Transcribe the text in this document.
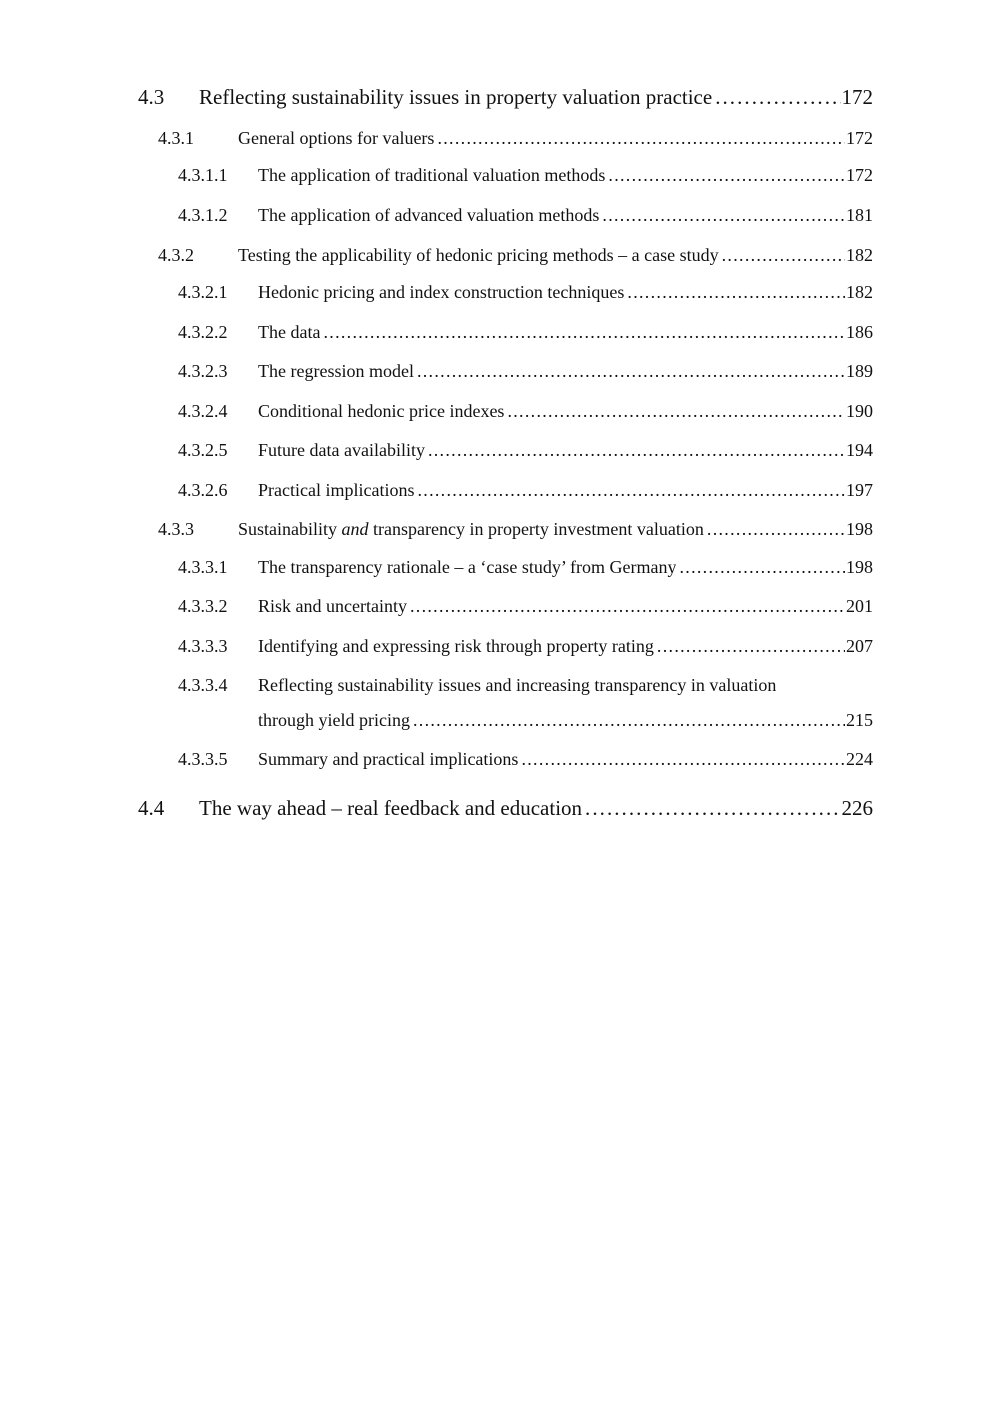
4.3 Reflecting sustainability issues in property valuation practice . . .	172
4.3.1 General options for valuers . . .	172
4.3.1.1 The application of traditional valuation methods . . .	172
4.3.1.2 The application of advanced valuation methods . . .	181
4.3.2 Testing the applicability of hedonic pricing methods – a case study . . .	182
4.3.2.1 Hedonic pricing and index construction techniques . . .	182
4.3.2.2 The data . . .	186
4.3.2.3 The regression model . . .	189
4.3.2.4 Conditional hedonic price indexes . . .	190
4.3.2.5 Future data availability . . .	194
4.3.2.6 Practical implications . . .	197
4.3.3 Sustainability and transparency in property investment valuation . . .	198
4.3.3.1 The transparency rationale – a ‘case study’ from Germany . . .	198
4.3.3.2 Risk and uncertainty . . .	201
4.3.3.3 Identifying and expressing risk through property rating . . .	207
4.3.3.4 Reflecting sustainability issues and increasing transparency in valuation
through yield pricing . . .	215
4.3.3.5 Summary and practical implications . . .	224
4.4 The way ahead – real feedback and education . . .	226
